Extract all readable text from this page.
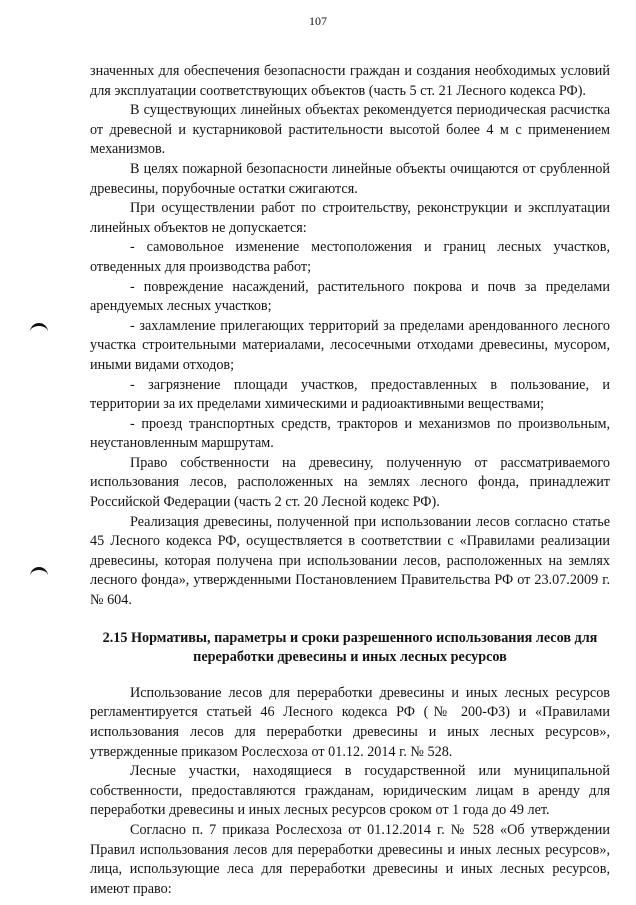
107

значенных для обеспечения безопасности граждан и создания необходимых условий для эксплуатации соответствующих объектов (часть 5 ст. 21 Лесного кодекса РФ).

В существующих линейных объектах рекомендуется периодическая расчистка от древесной и кустарниковой растительности высотой более 4 м с применением механизмов.

В целях пожарной безопасности линейные объекты очищаются от срубленной древесины, порубочные остатки сжигаются.

При осуществлении работ по строительству, реконструкции и эксплуатации линейных объектов не допускается:

- самовольное изменение местоположения и границ лесных участков, отведенных для производства работ;

- повреждение насаждений, растительного покрова и почв за пределами арендуемых лесных участков;

- захламление прилегающих территорий за пределами арендованного лесного участка строительными материалами, лесосечными отходами древесины, мусором, иными видами отходов;

- загрязнение площади участков, предоставленных в пользование, и территории за их пределами химическими и радиоактивными веществами;

- проезд транспортных средств, тракторов и механизмов по произвольным, неустановленным маршрутам.

Право собственности на древесину, полученную от рассматриваемого использования лесов, расположенных на землях лесного фонда, принадлежит Российской Федерации (часть 2 ст. 20 Лесной кодекс РФ).

Реализация древесины, полученной при использовании лесов согласно статье 45 Лесного кодекса РФ, осуществляется в соответствии с «Правилами реализации древесины, которая получена при использовании лесов, расположенных на землях лесного фонда», утвержденными Постановлением Правительства РФ от 23.07.2009 г. № 604.

2.15 Нормативы, параметры и сроки разрешенного использования лесов для переработки древесины и иных лесных ресурсов

Использование лесов для переработки древесины и иных лесных ресурсов регламентируется статьей 46 Лесного кодекса РФ (№ 200-ФЗ) и «Правилами использования лесов для переработки древесины и иных лесных ресурсов», утвержденные приказом Рослесхоза от 01.12. 2014 г. № 528.

Лесные участки, находящиеся в государственной или муниципальной собственности, предоставляются гражданам, юридическим лицам в аренду для переработки древесины и иных лесных ресурсов сроком от 1 года до 49 лет.

Согласно п. 7 приказа Рослесхоза от 01.12.2014 г. № 528 «Об утверждении Правил использования лесов для переработки древесины и иных лесных ресурсов», лица, использующие леса для переработки древесины и иных лесных ресурсов, имеют право:
